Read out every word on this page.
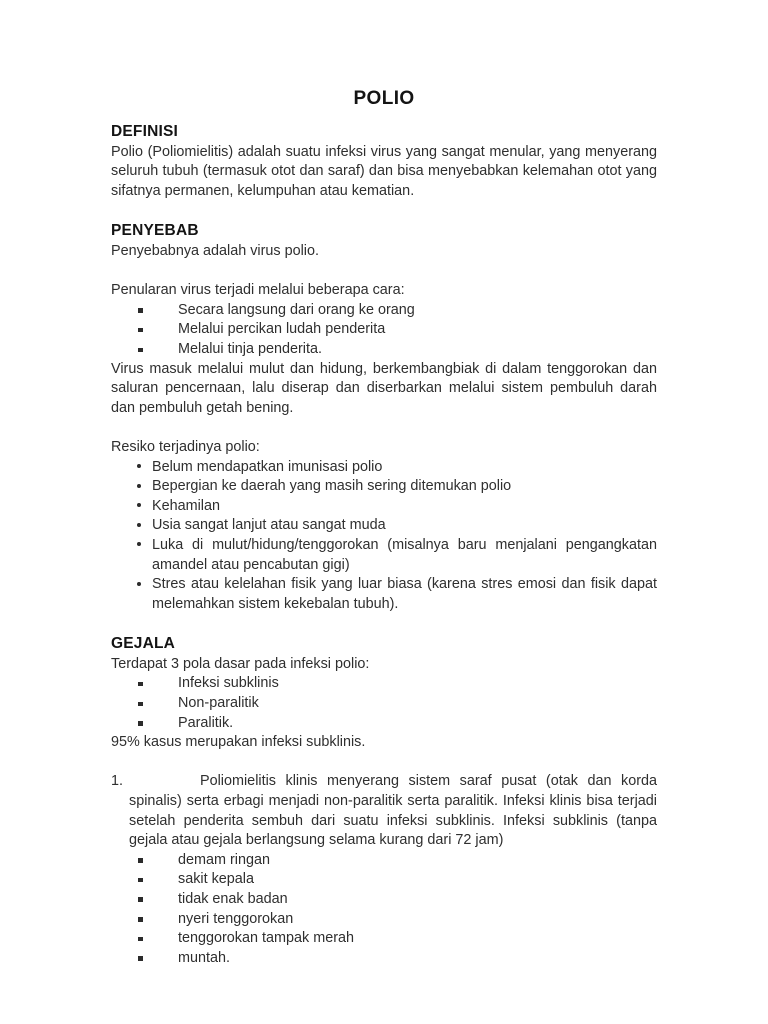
POLIO
DEFINISI

Polio (Poliomielitis) adalah suatu infeksi virus yang sangat menular, yang menyerang seluruh tubuh (termasuk otot dan saraf) dan bisa menyebabkan kelemahan otot yang sifatnya permanen, kelumpuhan atau kematian.

PENYEBAB

Penyebabnya adalah virus polio.

Penularan virus terjadi melalui beberapa cara:

Secara langsung dari orang ke orang
Melalui percikan ludah penderita
Melalui tinja penderita.

Virus masuk melalui mulut dan hidung, berkembangbiak di dalam tenggorokan dan saluran pencernaan, lalu diserap dan diserbarkan melalui sistem pembuluh darah dan pembuluh getah bening.

Resiko terjadinya polio:

Belum mendapatkan imunisasi polio
Bepergian ke daerah yang masih sering ditemukan polio
Kehamilan
Usia sangat lanjut atau sangat muda
Luka di mulut/hidung/tenggorokan (misalnya baru menjalani pengangkatan amandel atau pencabutan gigi)
Stres atau kelelahan fisik yang luar biasa (karena stres emosi dan fisik dapat melemahkan sistem kekebalan tubuh).
GEJALA

Terdapat 3 pola dasar pada infeksi polio:

Infeksi subklinis
Non-paralitik
Paralitik.

95% kasus merupakan infeksi subklinis.

1.	Poliomielitis klinis menyerang sistem saraf pusat (otak dan korda spinalis) serta erbagi menjadi non-paralitik serta paralitik. Infeksi klinis bisa terjadi setelah penderita sembuh dari suatu infeksi subklinis. Infeksi subklinis (tanpa gejala atau gejala berlangsung selama kurang dari 72 jam)
demam ringan
sakit kepala
tidak enak badan
nyeri tenggorokan
tenggorokan tampak merah
muntah.
